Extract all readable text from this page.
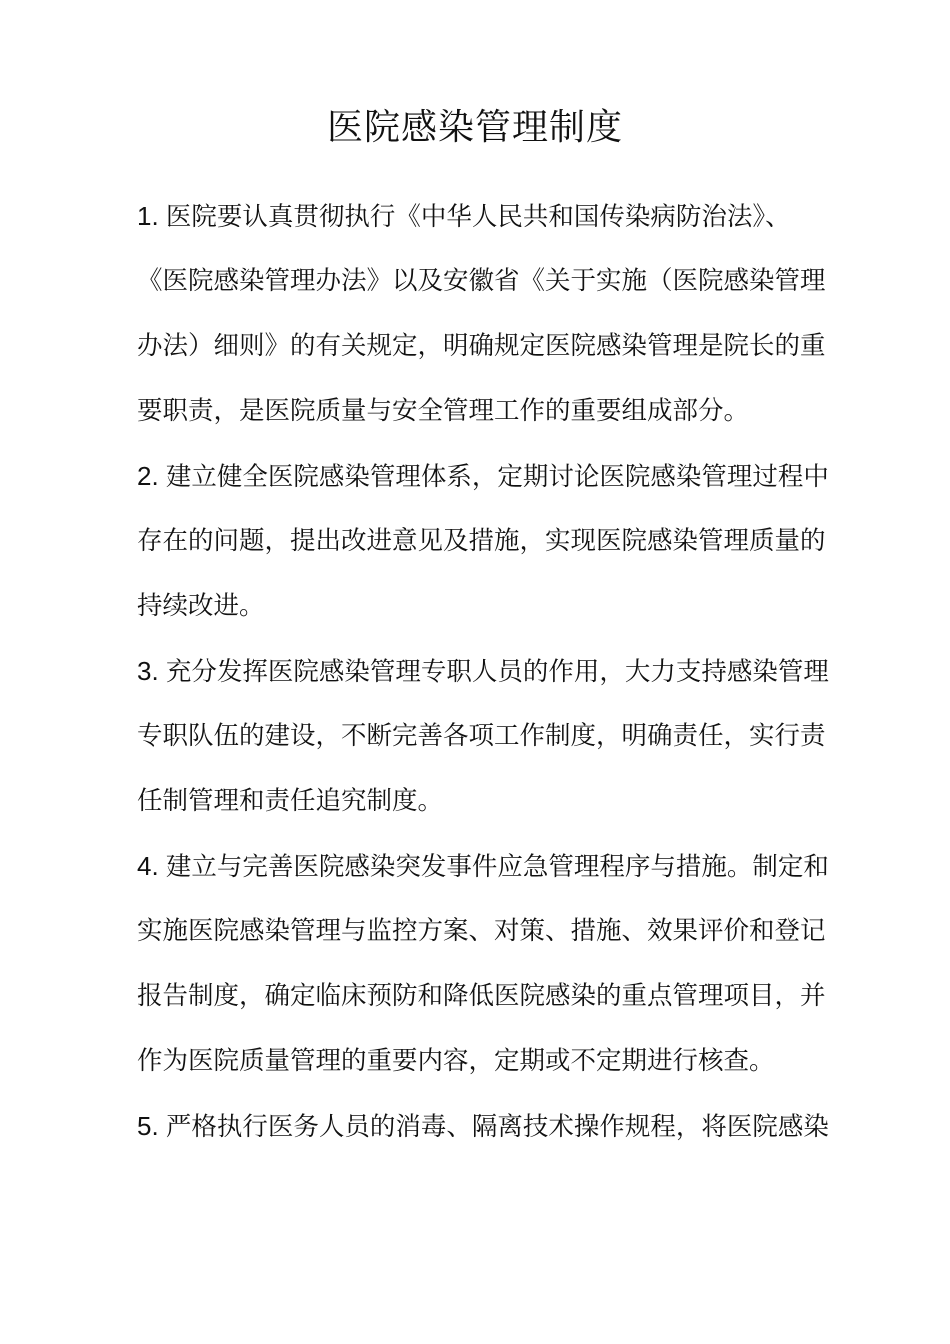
医院感染管理制度
1. 医院要认真贯彻执行《中华人民共和国传染病防治法》、
《医院感染管理办法》以及安徽省《关于实施（医院感染管理
办法）细则》的有关规定，明确规定医院感染管理是院长的重
要职责，是医院质量与安全管理工作的重要组成部分。
2. 建立健全医院感染管理体系，定期讨论医院感染管理过程中
存在的问题，提出改进意见及措施，实现医院感染管理质量的
持续改进。
3. 充分发挥医院感染管理专职人员的作用，大力支持感染管理
专职队伍的建设，不断完善各项工作制度，明确责任，实行责
任制管理和责任追究制度。
4. 建立与完善医院感染突发事件应急管理程序与措施。制定和
实施医院感染管理与监控方案、对策、措施、效果评价和登记
报告制度，确定临床预防和降低医院感染的重点管理项目，并
作为医院质量管理的重要内容，定期或不定期进行核查。
5. 严格执行医务人员的消毒、隔离技术操作规程，将医院感染
